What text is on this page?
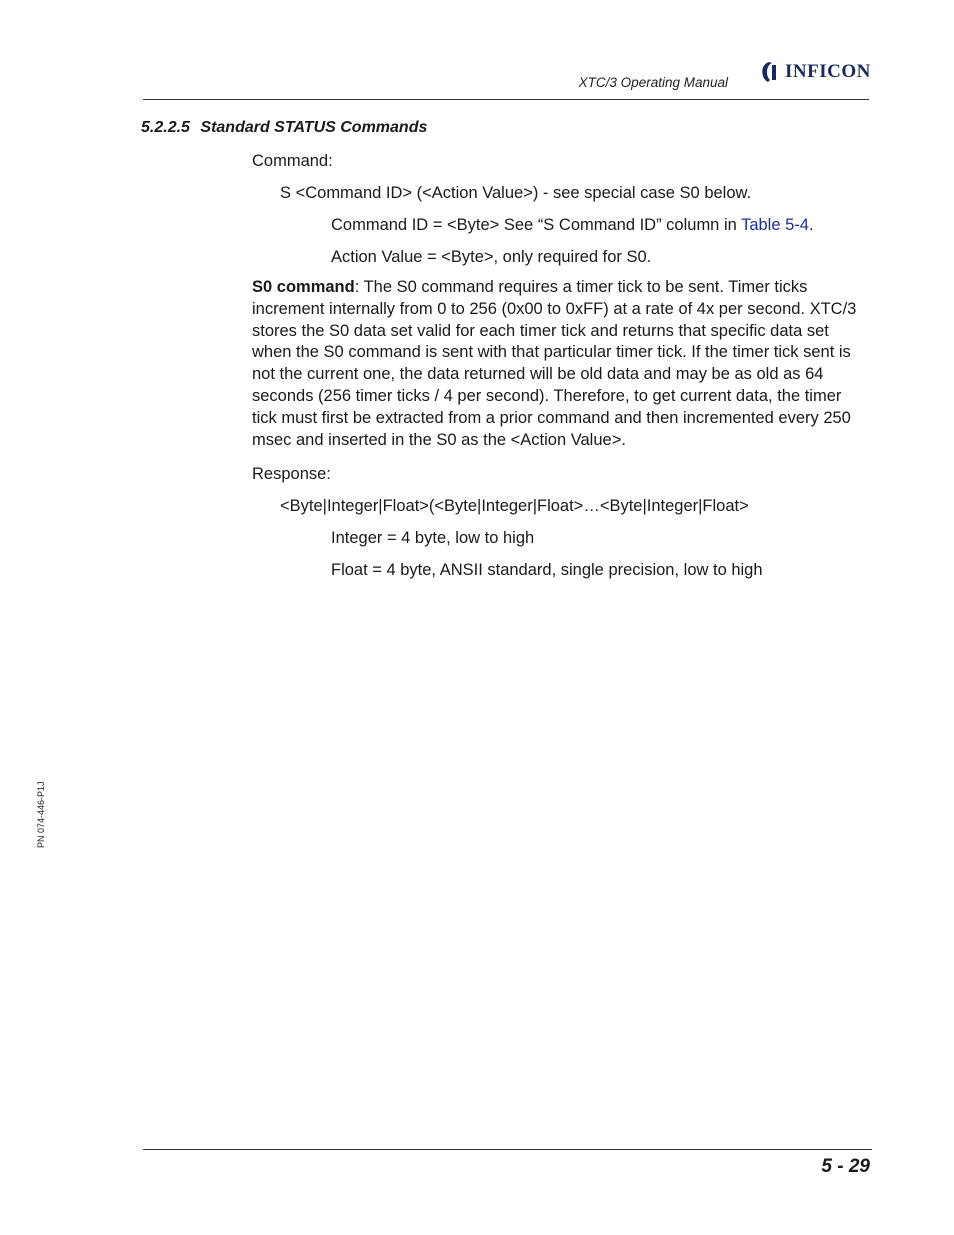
XTC/3 Operating Manual
INFICON
5.2.2.5 Standard STATUS Commands
Command:
S <Command ID> (<Action Value>) - see special case S0 below.
Command ID = <Byte> See “S Command ID” column in Table 5-4.
Action Value = <Byte>, only required for S0.
S0 command: The S0 command requires a timer tick to be sent. Timer ticks increment internally from 0 to 256 (0x00 to 0xFF) at a rate of 4x per second. XTC/3 stores the S0 data set valid for each timer tick and returns that specific data set when the S0 command is sent with that particular timer tick. If the timer tick sent is not the current one, the data returned will be old data and may be as old as 64 seconds (256 timer ticks / 4 per second). Therefore, to get current data, the timer tick must first be extracted from a prior command and then incremented every 250 msec and inserted in the S0 as the <Action Value>.
Response:
<Byte|Integer|Float>(<Byte|Integer|Float>…<Byte|Integer|Float>
Integer = 4 byte, low to high
Float = 4 byte, ANSII standard, single precision, low to high
PN 074-446-P1J
5 - 29
